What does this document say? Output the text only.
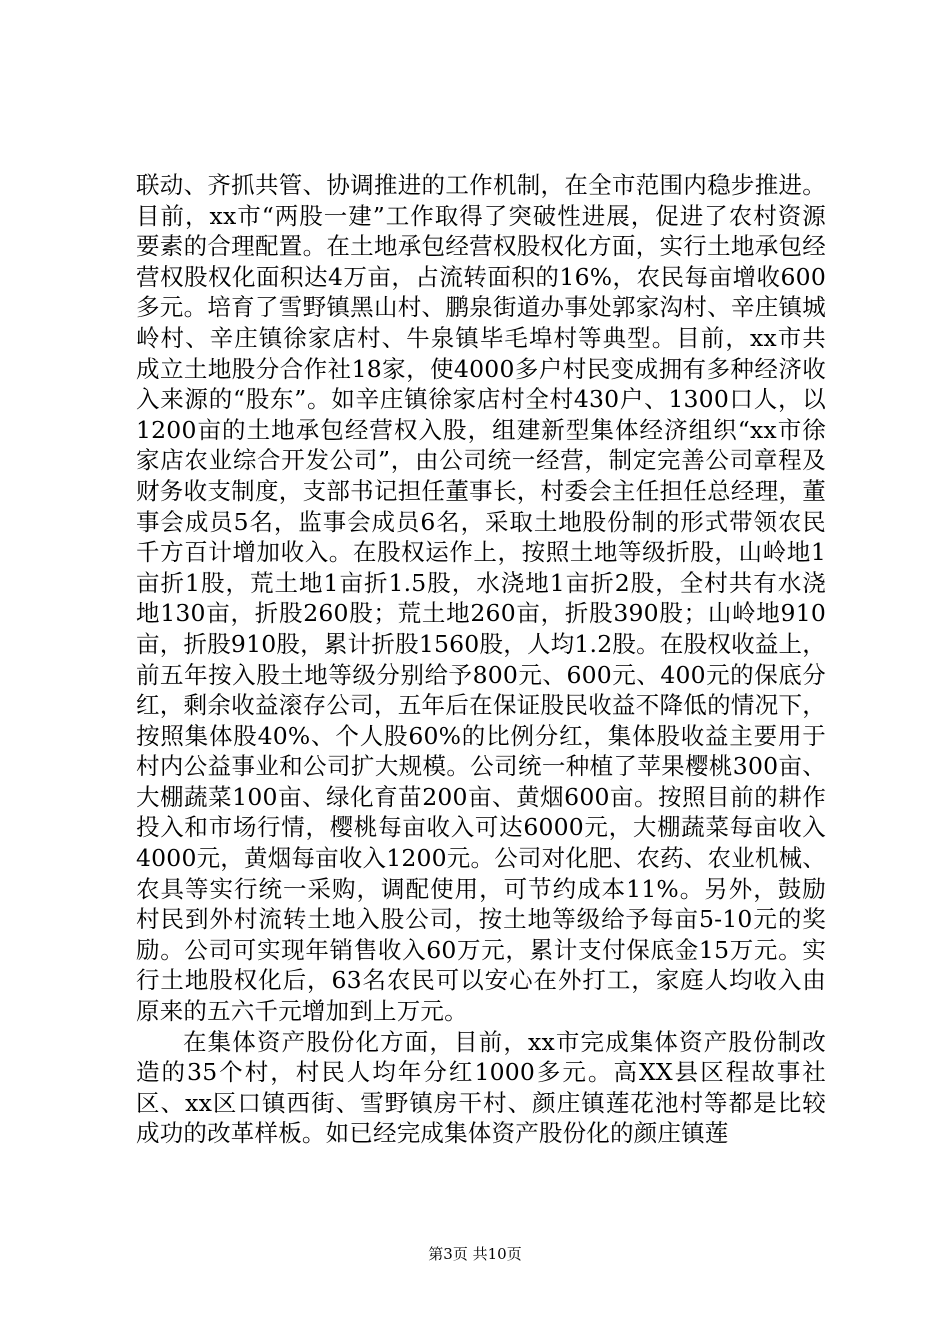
联动、齐抓共管、协调推进的工作机制，在全市范围内稳步推进。目前，xx市“两股一建”工作取得了突破性进展，促进了农村资源要素的合理配置。在土地承包经营权股权化方面，实行土地承包经营权股权化面积达4万亩，占流转面积的16%，农民每亩增收600多元。培育了雪野镇黑山村、鹏泉街道办事处郭家沟村、辛庄镇城岭村、辛庄镇徐家店村、牛泉镇毕毛埠村等典型。目前，xx市共成立土地股分合作社18家，使4000多户村民变成拥有多种经济收入来源的“股东”。如辛庄镇徐家店村全村430户、1300口人，以1200亩的土地承包经营权入股，组建新型集体经济组织“xx市徐家店农业综合开发公司”，由公司统一经营，制定完善公司章程及财务收支制度，支部书记担任董事长，村委会主任担任总经理，董事会成员5名，监事会成员6名，采取土地股份制的形式带领农民千方百计增加收入。在股权运作上，按照土地等级折股，山岭地1亩折1股，荒土地1亩折1.5股，水浇地1亩折2股，全村共有水浇地130亩，折股260股；荒土地260亩，折股390股；山岭地910亩，折股910股，累计折股1560股，人均1.2股。在股权收益上，前五年按入股土地等级分别给予800元、600元、400元的保底分红，剩余收益滚存公司，五年后在保证股民收益不降低的情况下，按照集体股40%、个人股60%的比例分红，集体股收益主要用于村内公益事业和公司扩大规模。公司统一种植了苹果樱桃300亩、大棚蔬菜100亩、绿化育苗200亩、黄烟600亩。按照目前的耕作投入和市场行情，樱桃每亩收入可达6000元，大棚蔬菜每亩收入4000元，黄烟每亩收入1200元。公司对化肥、农药、农业机械、农具等实行统一采购，调配使用，可节约成本11%。另外，鼓励村民到外村流转土地入股公司，按土地等级给予每亩5-10元的奖励。公司可实现年销售收入60万元，累计支付保底金15万元。实行土地股权化后，63名农民可以安心在外打工，家庭人均收入由原来的五六千元增加到上万元。

在集体资产股份化方面，目前，xx市完成集体资产股份制改造的35个村，村民人均年分红1000多元。高XX县区程故事社区、xx区口镇西街、雪野镇房干村、颜庄镇莲花池村等都是比较成功的改革样板。如已经完成集体资产股份化的颜庄镇莲

第3页 共10页
